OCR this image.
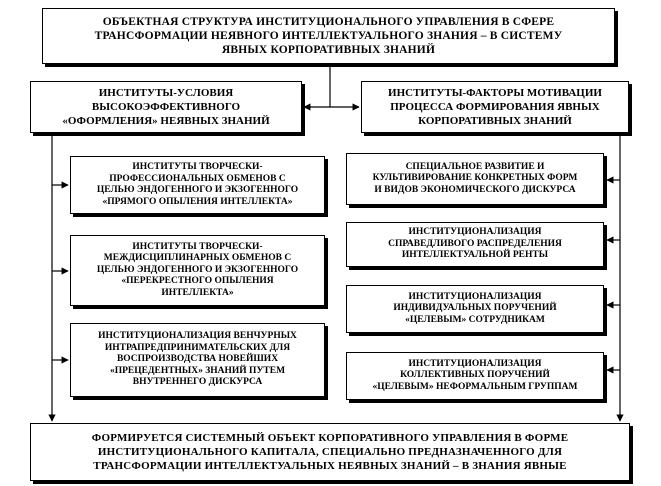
ОБЪЕКТНАЯ СТРУКТУРА ИНСТИТУЦИОНАЛЬНОГО УПРАВЛЕНИЯ В СФЕРЕ
ТРАНСФОРМАЦИИ НЕЯВНОГО ИНТЕЛЛЕКТУАЛЬНОГО ЗНАНИЯ – В СИСТЕМУ
ЯВНЫХ КОРПОРАТИВНЫХ ЗНАНИЙ
ИНСТИТУТЫ-УСЛОВИЯ
ВЫСОКОЭФФЕКТИВНОГО
«ОФОРМЛЕНИЯ» НЕЯВНЫХ ЗНАНИЙ
ИНСТИТУТЫ-ФАКТОРЫ МОТИВАЦИИ
ПРОЦЕССА ФОРМИРОВАНИЯ ЯВНЫХ
КОРПОРАТИВНЫХ ЗНАНИЙ
ИНСТИТУТЫ ТВОРЧЕСКИ-
ПРОФЕССИОНАЛЬНЫХ ОБМЕНОВ С
ЦЕЛЬЮ ЭНДОГЕННОГО И ЭКЗОГЕННОГО
«ПРЯМОГО ОПЫЛЕНИЯ ИНТЕЛЛЕКТА»
ИНСТИТУТЫ ТВОРЧЕСКИ-
МЕЖДИСЦИПЛИНАРНЫХ ОБМЕНОВ С
ЦЕЛЬЮ ЭНДОГЕННОГО И ЭКЗОГЕННОГО
«ПЕРЕКРЕСТНОГО ОПЫЛЕНИЯ
ИНТЕЛЛЕКТА»
ИНСТИТУЦИОНАЛИЗАЦИЯ ВЕНЧУРНЫХ
ИНТРАПРЕДПРИНИМАТЕЛЬСКИХ ДЛЯ
ВОСПРОИЗВОДСТВА НОВЕЙШИХ
«ПРЕЦЕДЕНТНЫХ» ЗНАНИЙ ПУТЕМ
ВНУТРЕННЕГО ДИСКУРСА
СПЕЦИАЛЬНОЕ РАЗВИТИЕ И
КУЛЬТИВИРОВАНИЕ КОНКРЕТНЫХ ФОРМ
И ВИДОВ ЭКОНОМИЧЕСКОГО ДИСКУРСА
ИНСТИТУЦИОНАЛИЗАЦИЯ
СПРАВЕДЛИВОГО РАСПРЕДЕЛЕНИЯ
ИНТЕЛЛЕКТУАЛЬНОЙ РЕНТЫ
ИНСТИТУЦИОНАЛИЗАЦИЯ
ИНДИВИДУАЛЬНЫХ ПОРУЧЕНИЙ
«ЦЕЛЕВЫМ» СОТРУДНИКАМ
ИНСТИТУЦИОНАЛИЗАЦИЯ
КОЛЛЕКТИВНЫХ ПОРУЧЕНИЙ
«ЦЕЛЕВЫМ» НЕФОРМАЛЬНЫМ ГРУППАМ
ФОРМИРУЕТСЯ СИСТЕМНЫЙ ОБЪЕКТ КОРПОРАТИВНОГО УПРАВЛЕНИЯ В ФОРМЕ
ИНСТИТУЦИОНАЛЬНОГО КАПИТАЛА, СПЕЦИАЛЬНО ПРЕДНАЗНАЧЕННОГО ДЛЯ
ТРАНСФОРМАЦИИ ИНТЕЛЛЕКТУАЛЬНЫХ НЕЯВНЫХ ЗНАНИЙ – В ЗНАНИЯ ЯВНЫЕ
